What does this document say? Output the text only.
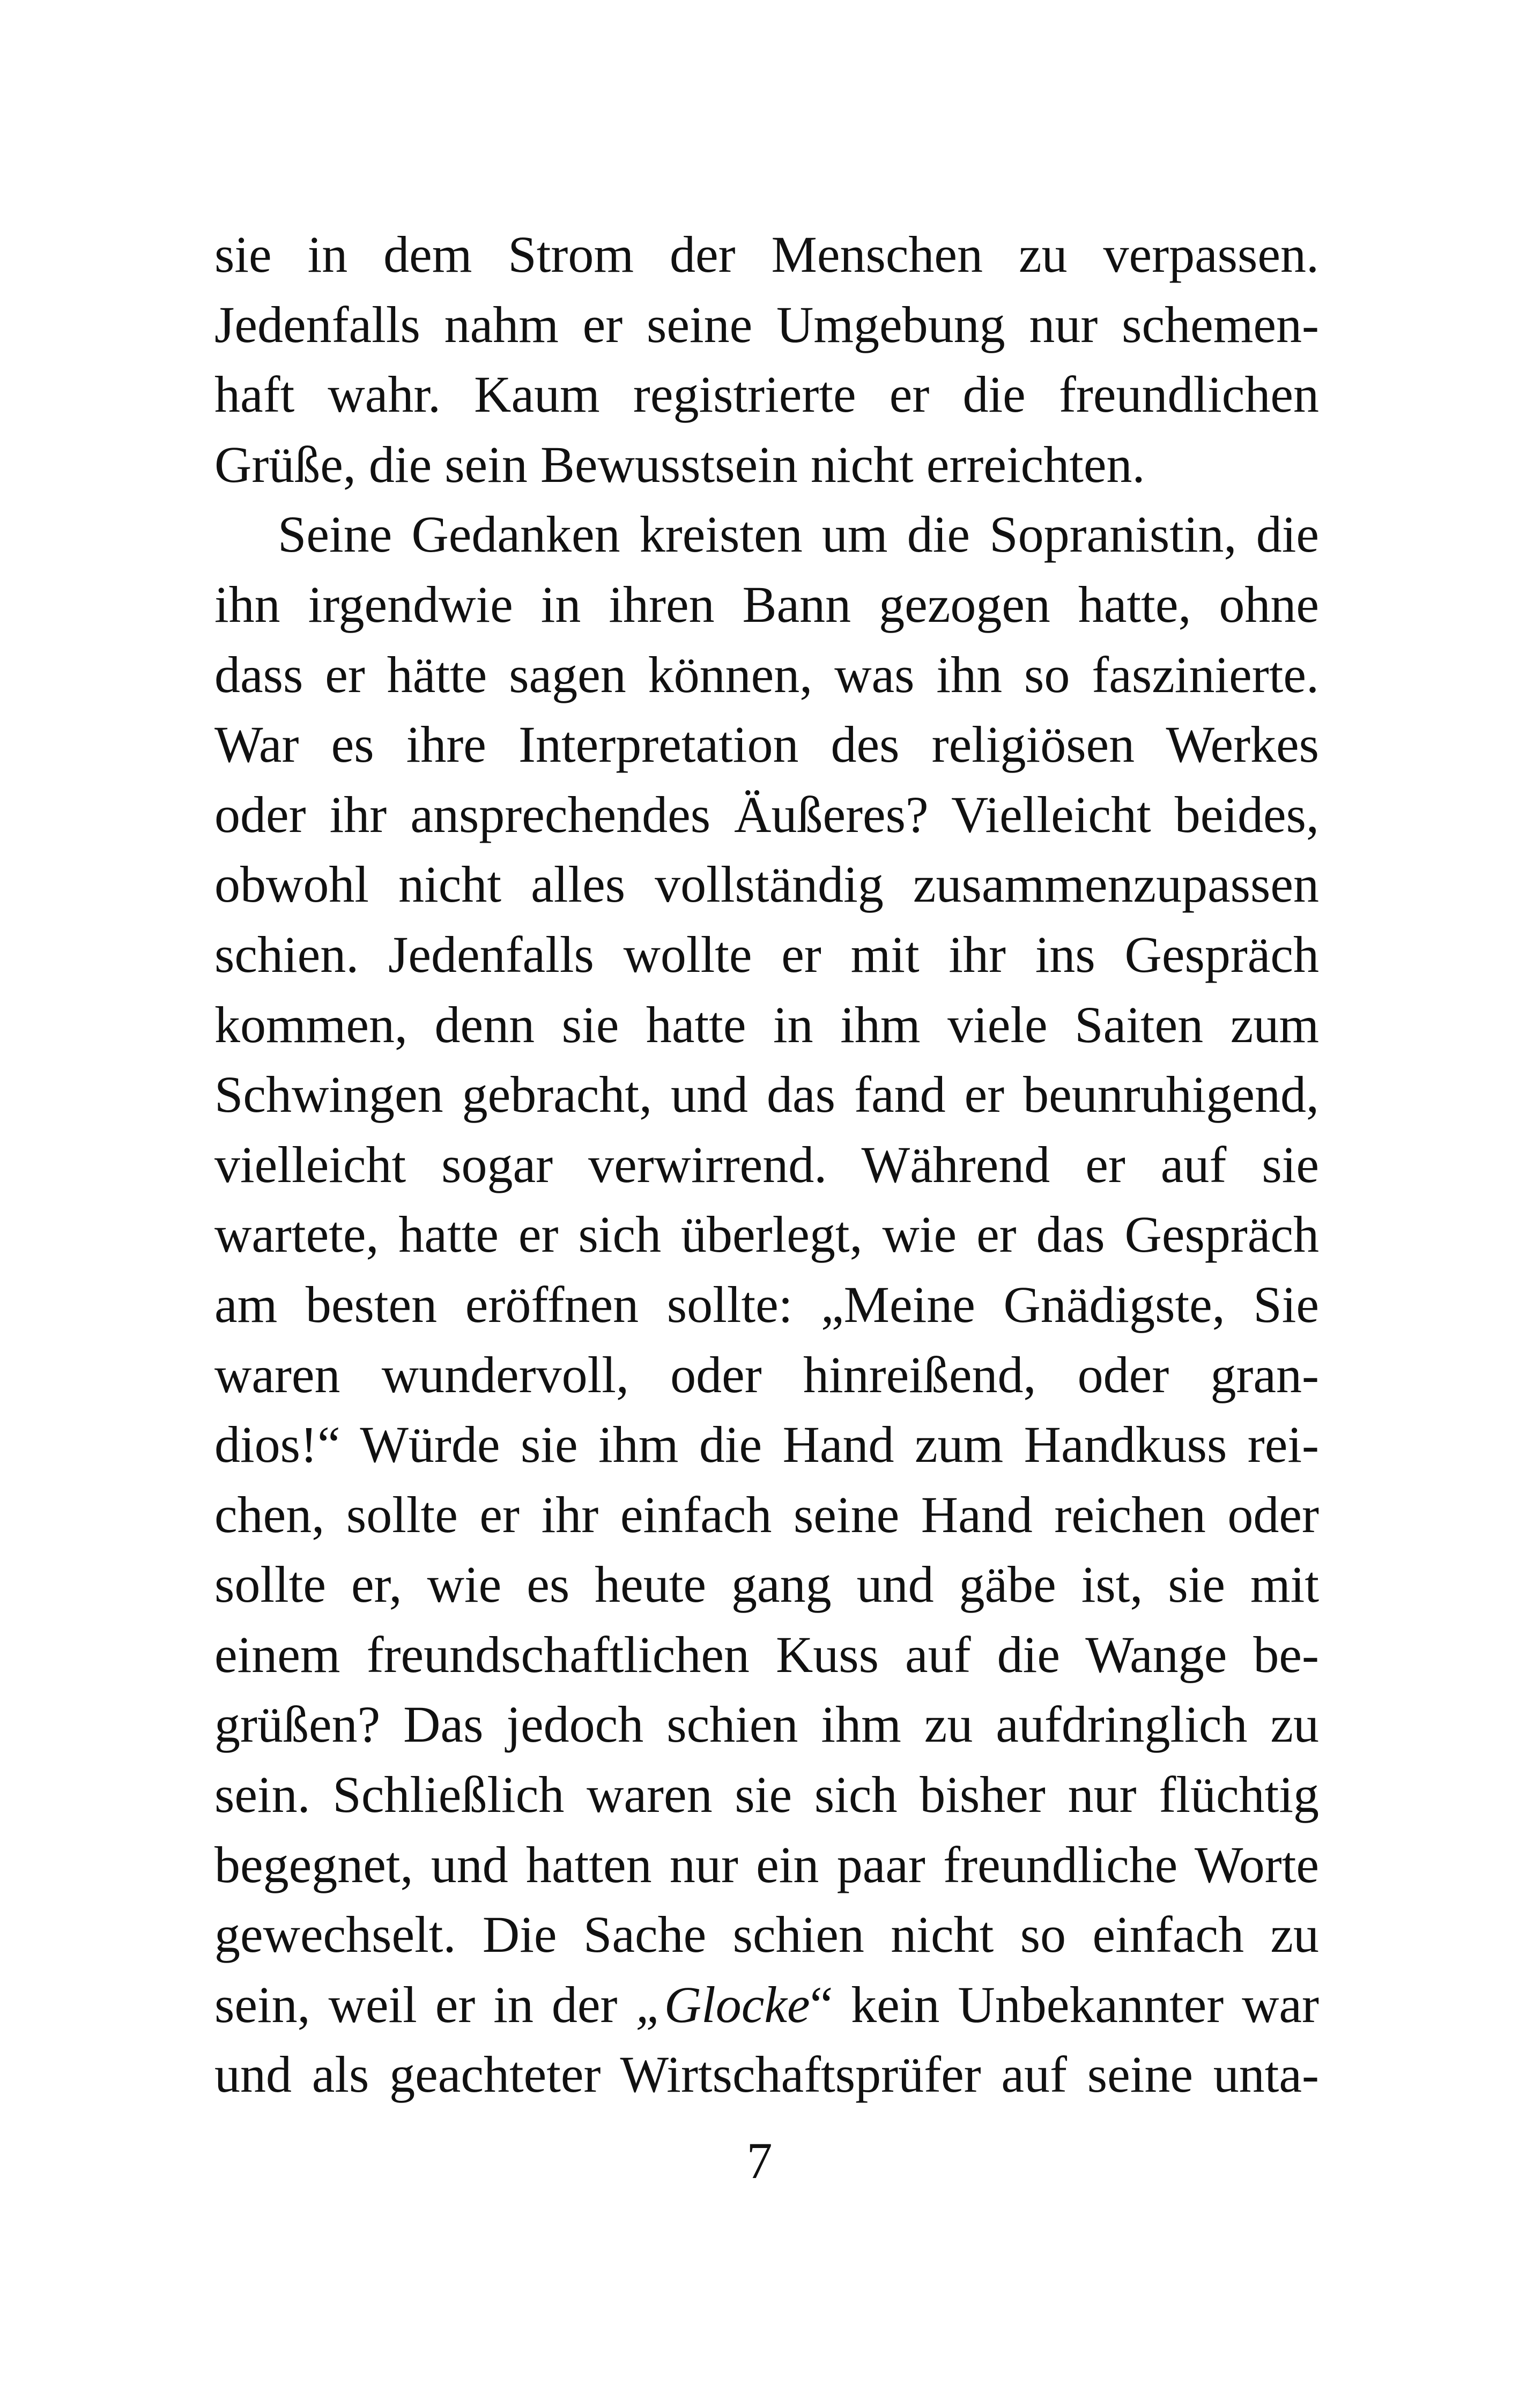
sie in dem Strom der Menschen zu verpassen.
Jedenfalls nahm er seine Umgebung nur schemen-
haft wahr. Kaum registrierte er die freundlichen
Grüße, die sein Bewusstsein nicht erreichten.
Seine Gedanken kreisten um die Sopranistin, die
ihn irgendwie in ihren Bann gezogen hatte, ohne
dass er hätte sagen können, was ihn so faszinierte.
War es ihre Interpretation des religiösen Werkes
oder ihr ansprechendes Äußeres? Vielleicht beides,
obwohl nicht alles vollständig zusammenzupassen
schien. Jedenfalls wollte er mit ihr ins Gespräch
kommen, denn sie hatte in ihm viele Saiten zum
Schwingen gebracht, und das fand er beunruhigend,
vielleicht sogar verwirrend. Während er auf sie
wartete, hatte er sich überlegt, wie er das Gespräch
am besten eröffnen sollte: „Meine Gnädigste, Sie
waren wundervoll, oder hinreißend, oder gran-
dios!“ Würde sie ihm die Hand zum Handkuss rei-
chen, sollte er ihr einfach seine Hand reichen oder
sollte er, wie es heute gang und gäbe ist, sie mit
einem freundschaftlichen Kuss auf die Wange be-
grüßen? Das jedoch schien ihm zu aufdringlich zu
sein. Schließlich waren sie sich bisher nur flüchtig
begegnet, und hatten nur ein paar freundliche Worte
gewechselt. Die Sache schien nicht so einfach zu
sein, weil er in der „Glocke“ kein Unbekannter war
und als geachteter Wirtschaftsprüfer auf seine unta-
7
